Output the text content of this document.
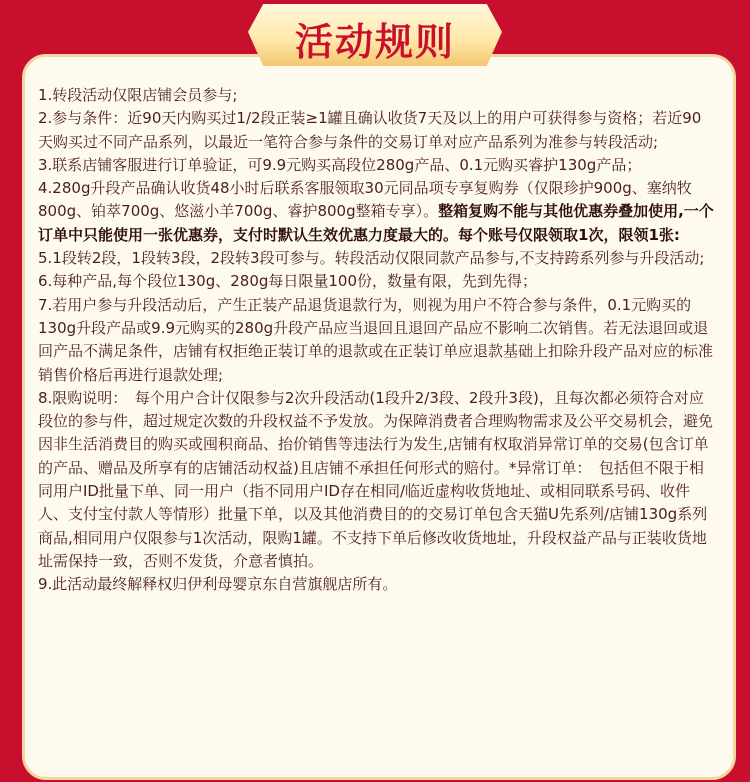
活动规则

1.转段活动仅限店铺会员参与;

2.参与条件：近90天内购买过1/2段正装≥1罐且确认收货7天及以上的用户可获得参与资格；若近90天购买过不同产品系列，以最近一笔符合参与条件的交易订单对应产品系列为准参与转段活动;

3.联系店铺客服进行订单验证，可9.9元购买高段位280g产品、0.1元购买睿护130g产品；

4.280g升段产品确认收货48小时后联系客服领取30元同品项专享复购券（仅限珍护900g、塞纳牧800g、铂萃700g、悠滋小羊700g、睿护800g整箱专享）。整箱复购不能与其他优惠券叠加使用,一个订单中只能使用一张优惠券，支付时默认生效优惠力度最大的。每个账号仅限领取1次，限领1张:

5.1段转2段，1段转3段，2段转3段可参与。转段活动仅限同款产品参与,不支持跨系列参与升段活动;

6.每种产品,每个段位130g、280g每日限量100份，数量有限，先到先得；

7.若用户参与升段活动后，产生正装产品退货退款行为，则视为用户不符合参与条件，0.1元购买的130g升段产品或9.9元购买的280g升段产品应当退回且退回产品应不影响二次销售。若无法退回或退回产品不满足条件，店铺有权拒绝正装订单的退款或在正装订单应退款基础上扣除升段产品对应的标准销售价格后再进行退款处理;

8.限购说明：　每个用户合计仅限参与2次升段活动(1段升2/3段、2段升3段)，且每次都必须符合对应段位的参与件，超过规定次数的升段权益不予发放。为保障消费者合理购物需求及公平交易机会，避免因非生活消费目的购买或囤积商品、抬价销售等违法行为发生,店铺有权取消异常订单的交易(包含订单的产品、赠品及所享有的店铺活动权益)且店铺不承担任何形式的赔付。*异常订单：　包括但不限于相同用户ID批量下单、同一用户（指不同用户ID存在相同/临近虚构收货地址、或相同联系号码、收件人、支付宝付款人等情形）批量下单，以及其他消费目的的交易订单包含天猫U先系列/店铺130g系列商品,相同用户仅限参与1次活动，限购1罐。不支持下单后修改收货地址，升段权益产品与正装收货地址需保持一致，否则不发货，介意者慎拍。

9.此活动最终解释权归伊利母婴京东自营旗舰店所有。
